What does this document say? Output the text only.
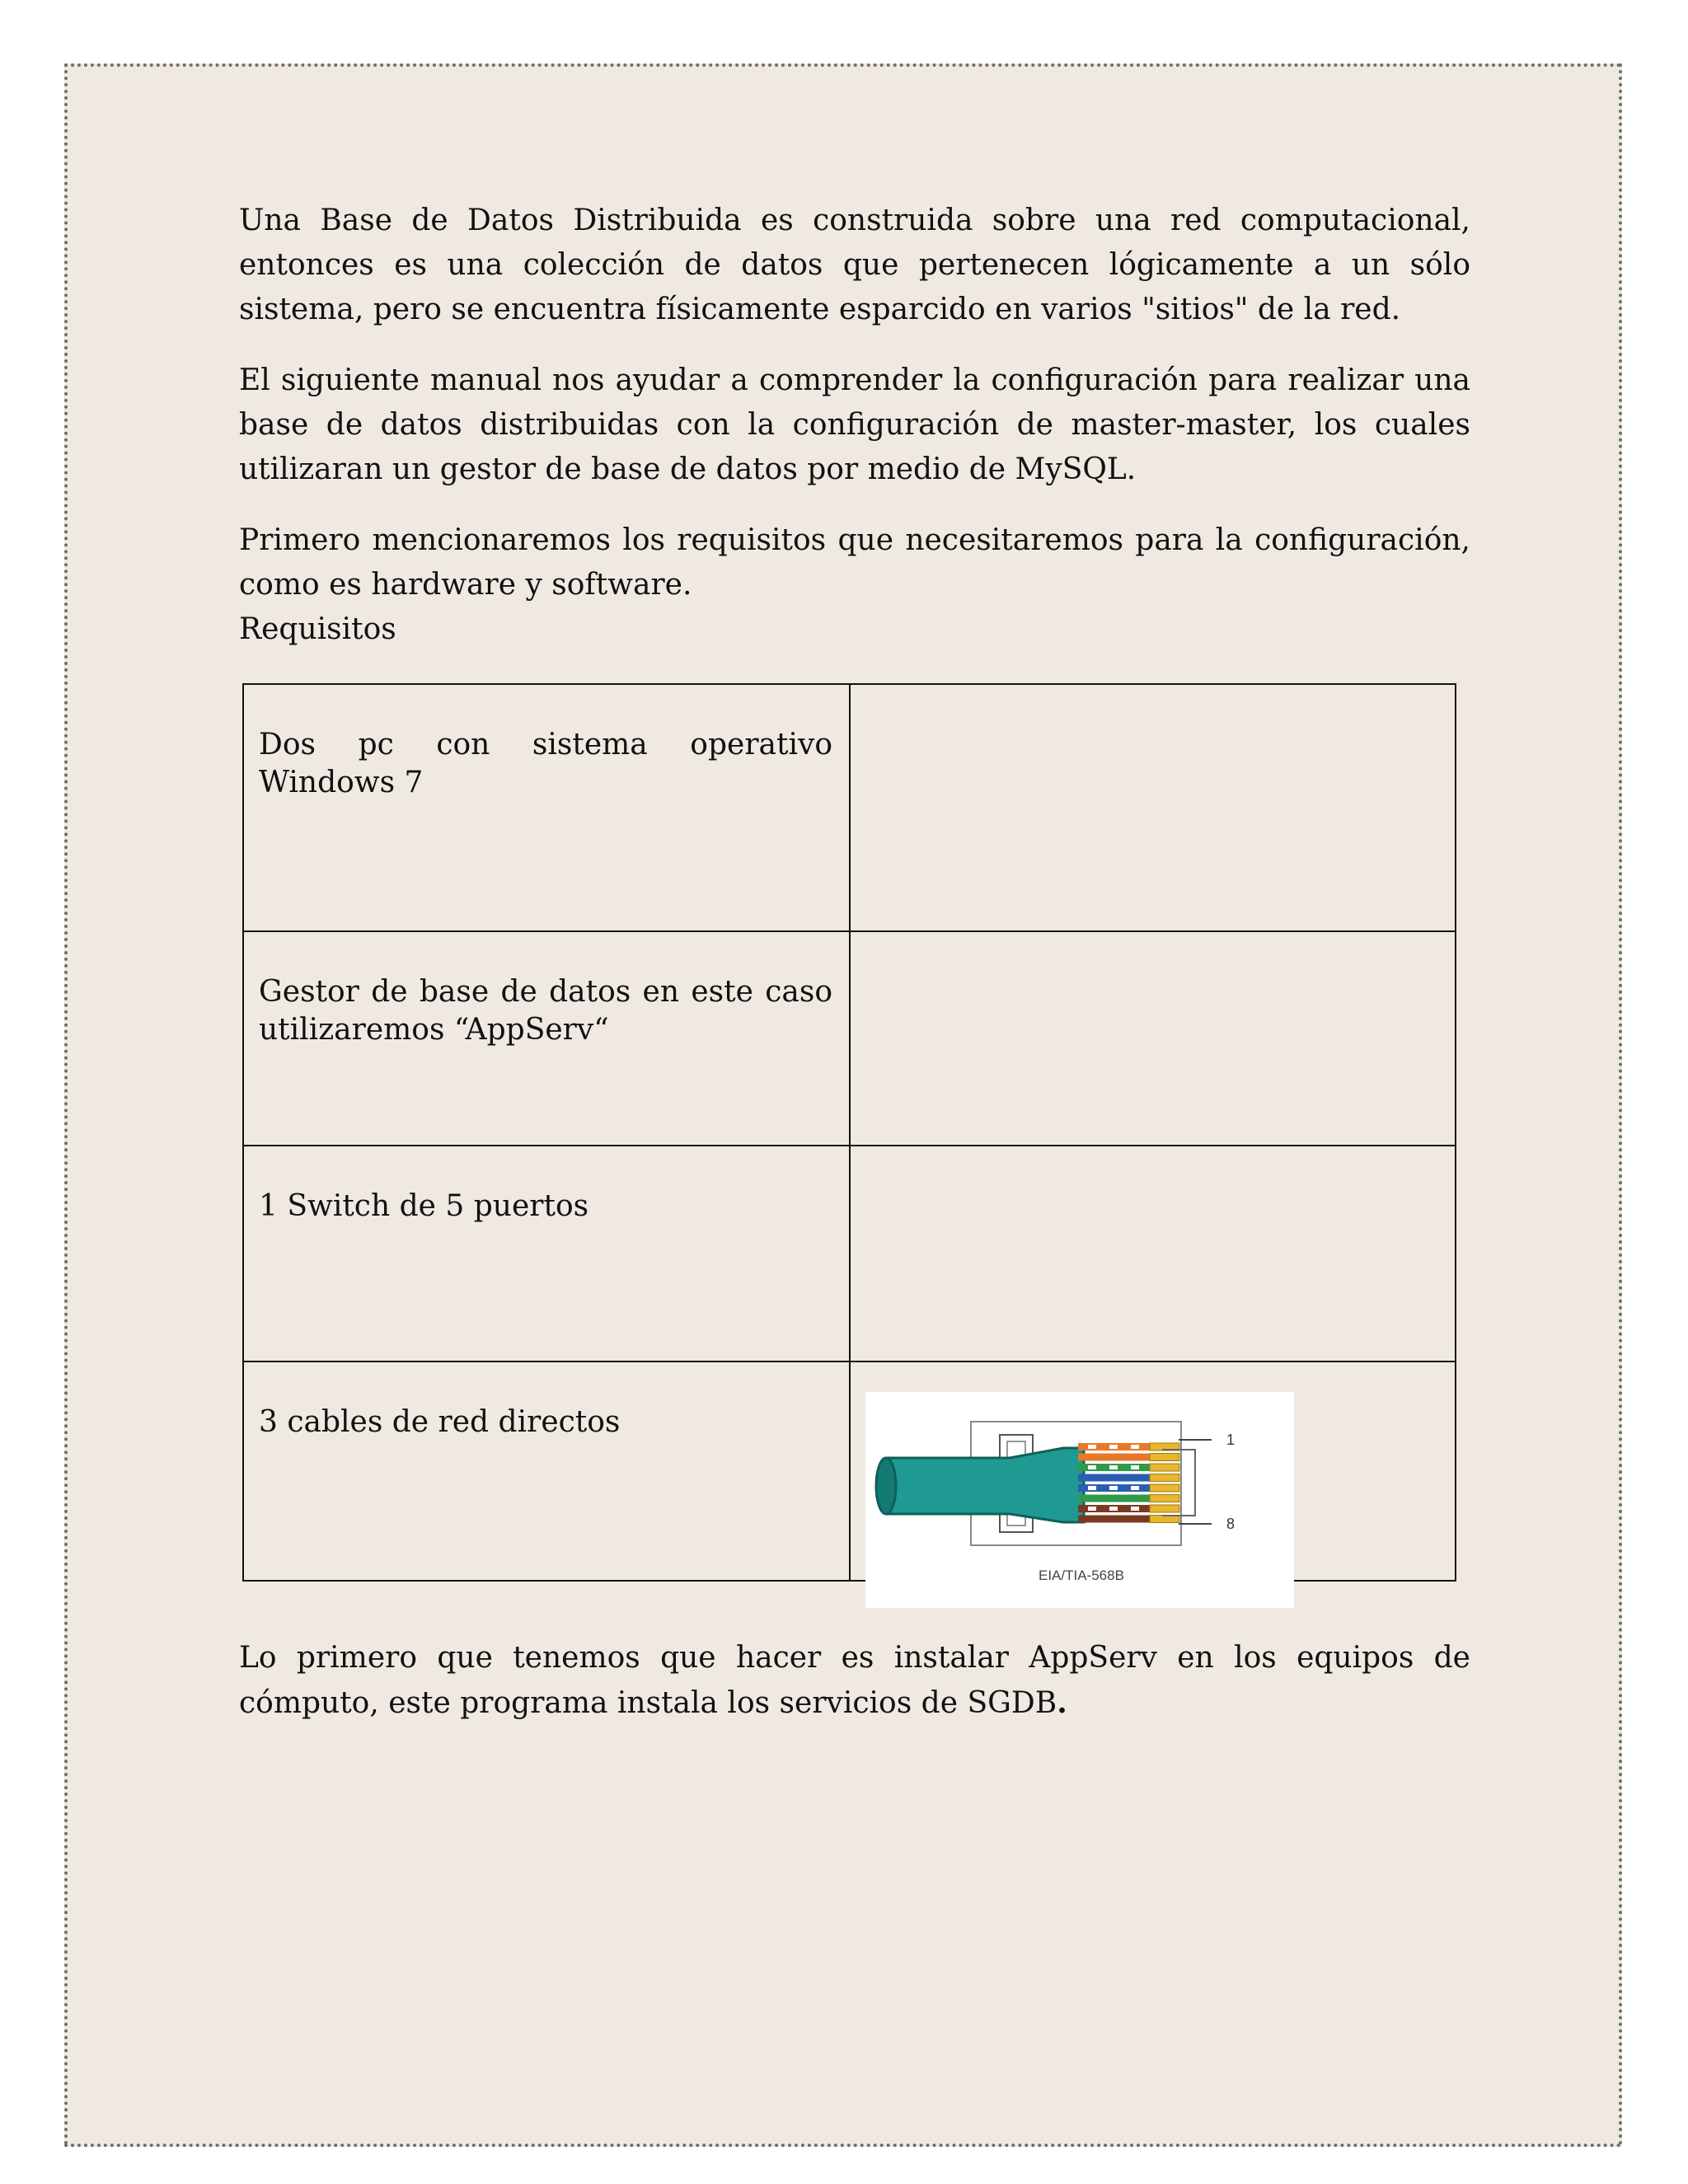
Una Base de Datos Distribuida es construida sobre una red computacional, entonces es una colección de datos que pertenecen lógicamente a un sólo sistema, pero se encuentra físicamente esparcido en varios "sitios" de la red.

El siguiente manual nos ayudar a comprender la configuración para realizar una base de datos distribuidas con la configuración de master-master, los cuales utilizaran un gestor de base de datos por medio de MySQL.

Primero mencionaremos los requisitos que necesitaremos para la configuración, como es hardware y software.

Requisitos

Dos pc con sistema operativo Windows 7	
Gestor de base de datos en este caso utilizaremos “AppServ“	
1 Switch de 5 puertos	
3 cables de red directos	1
8
EIA/TIA-568B

Lo primero que tenemos que hacer es instalar AppServ en los equipos de cómputo, este programa instala los servicios de SGDB.
